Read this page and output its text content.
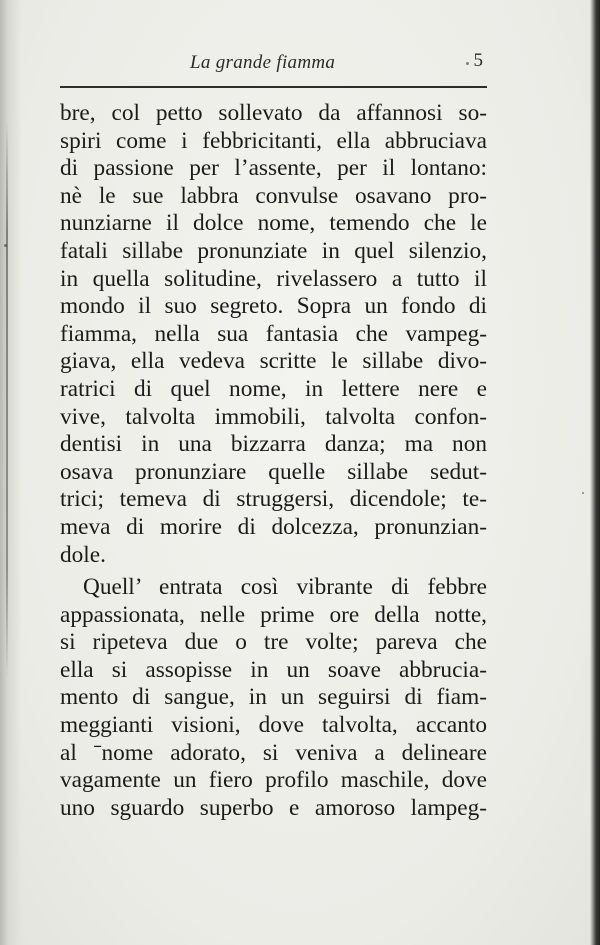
La grande fiamma	5
bre, col petto sollevato da affannosi so-
spiri come i febbricitanti, ella abbruciava
di passione per l’assente, per il lontano:
nè le sue labbra convulse osavano pro-
nunziarne il dolce nome, temendo che le
fatali sillabe pronunziate in quel silenzio,
in quella solitudine, rivelassero a tutto il
mondo il suo segreto. Sopra un fondo di
fiamma, nella sua fantasia che vampeg-
giava, ella vedeva scritte le sillabe divo-
ratrici di quel nome, in lettere nere e
vive, talvolta immobili, talvolta confon-
dentisi in una bizzarra danza; ma non
osava pronunziare quelle sillabe sedut-
trici; temeva di struggersi, dicendole; te-
meva di morire di dolcezza, pronunzian-
dole.
Quell’ entrata così vibrante di febbre
appassionata, nelle prime ore della notte,
si ripeteva due o tre volte; pareva che
ella si assopisse in un soave abbrucia-
mento di sangue, in un seguirsi di fiam-
meggianti visioni, dove talvolta, accanto
al ˉnome adorato, si veniva a delineare
vagamente un fiero profilo maschile, dove
uno sguardo superbo e amoroso lampeg-
